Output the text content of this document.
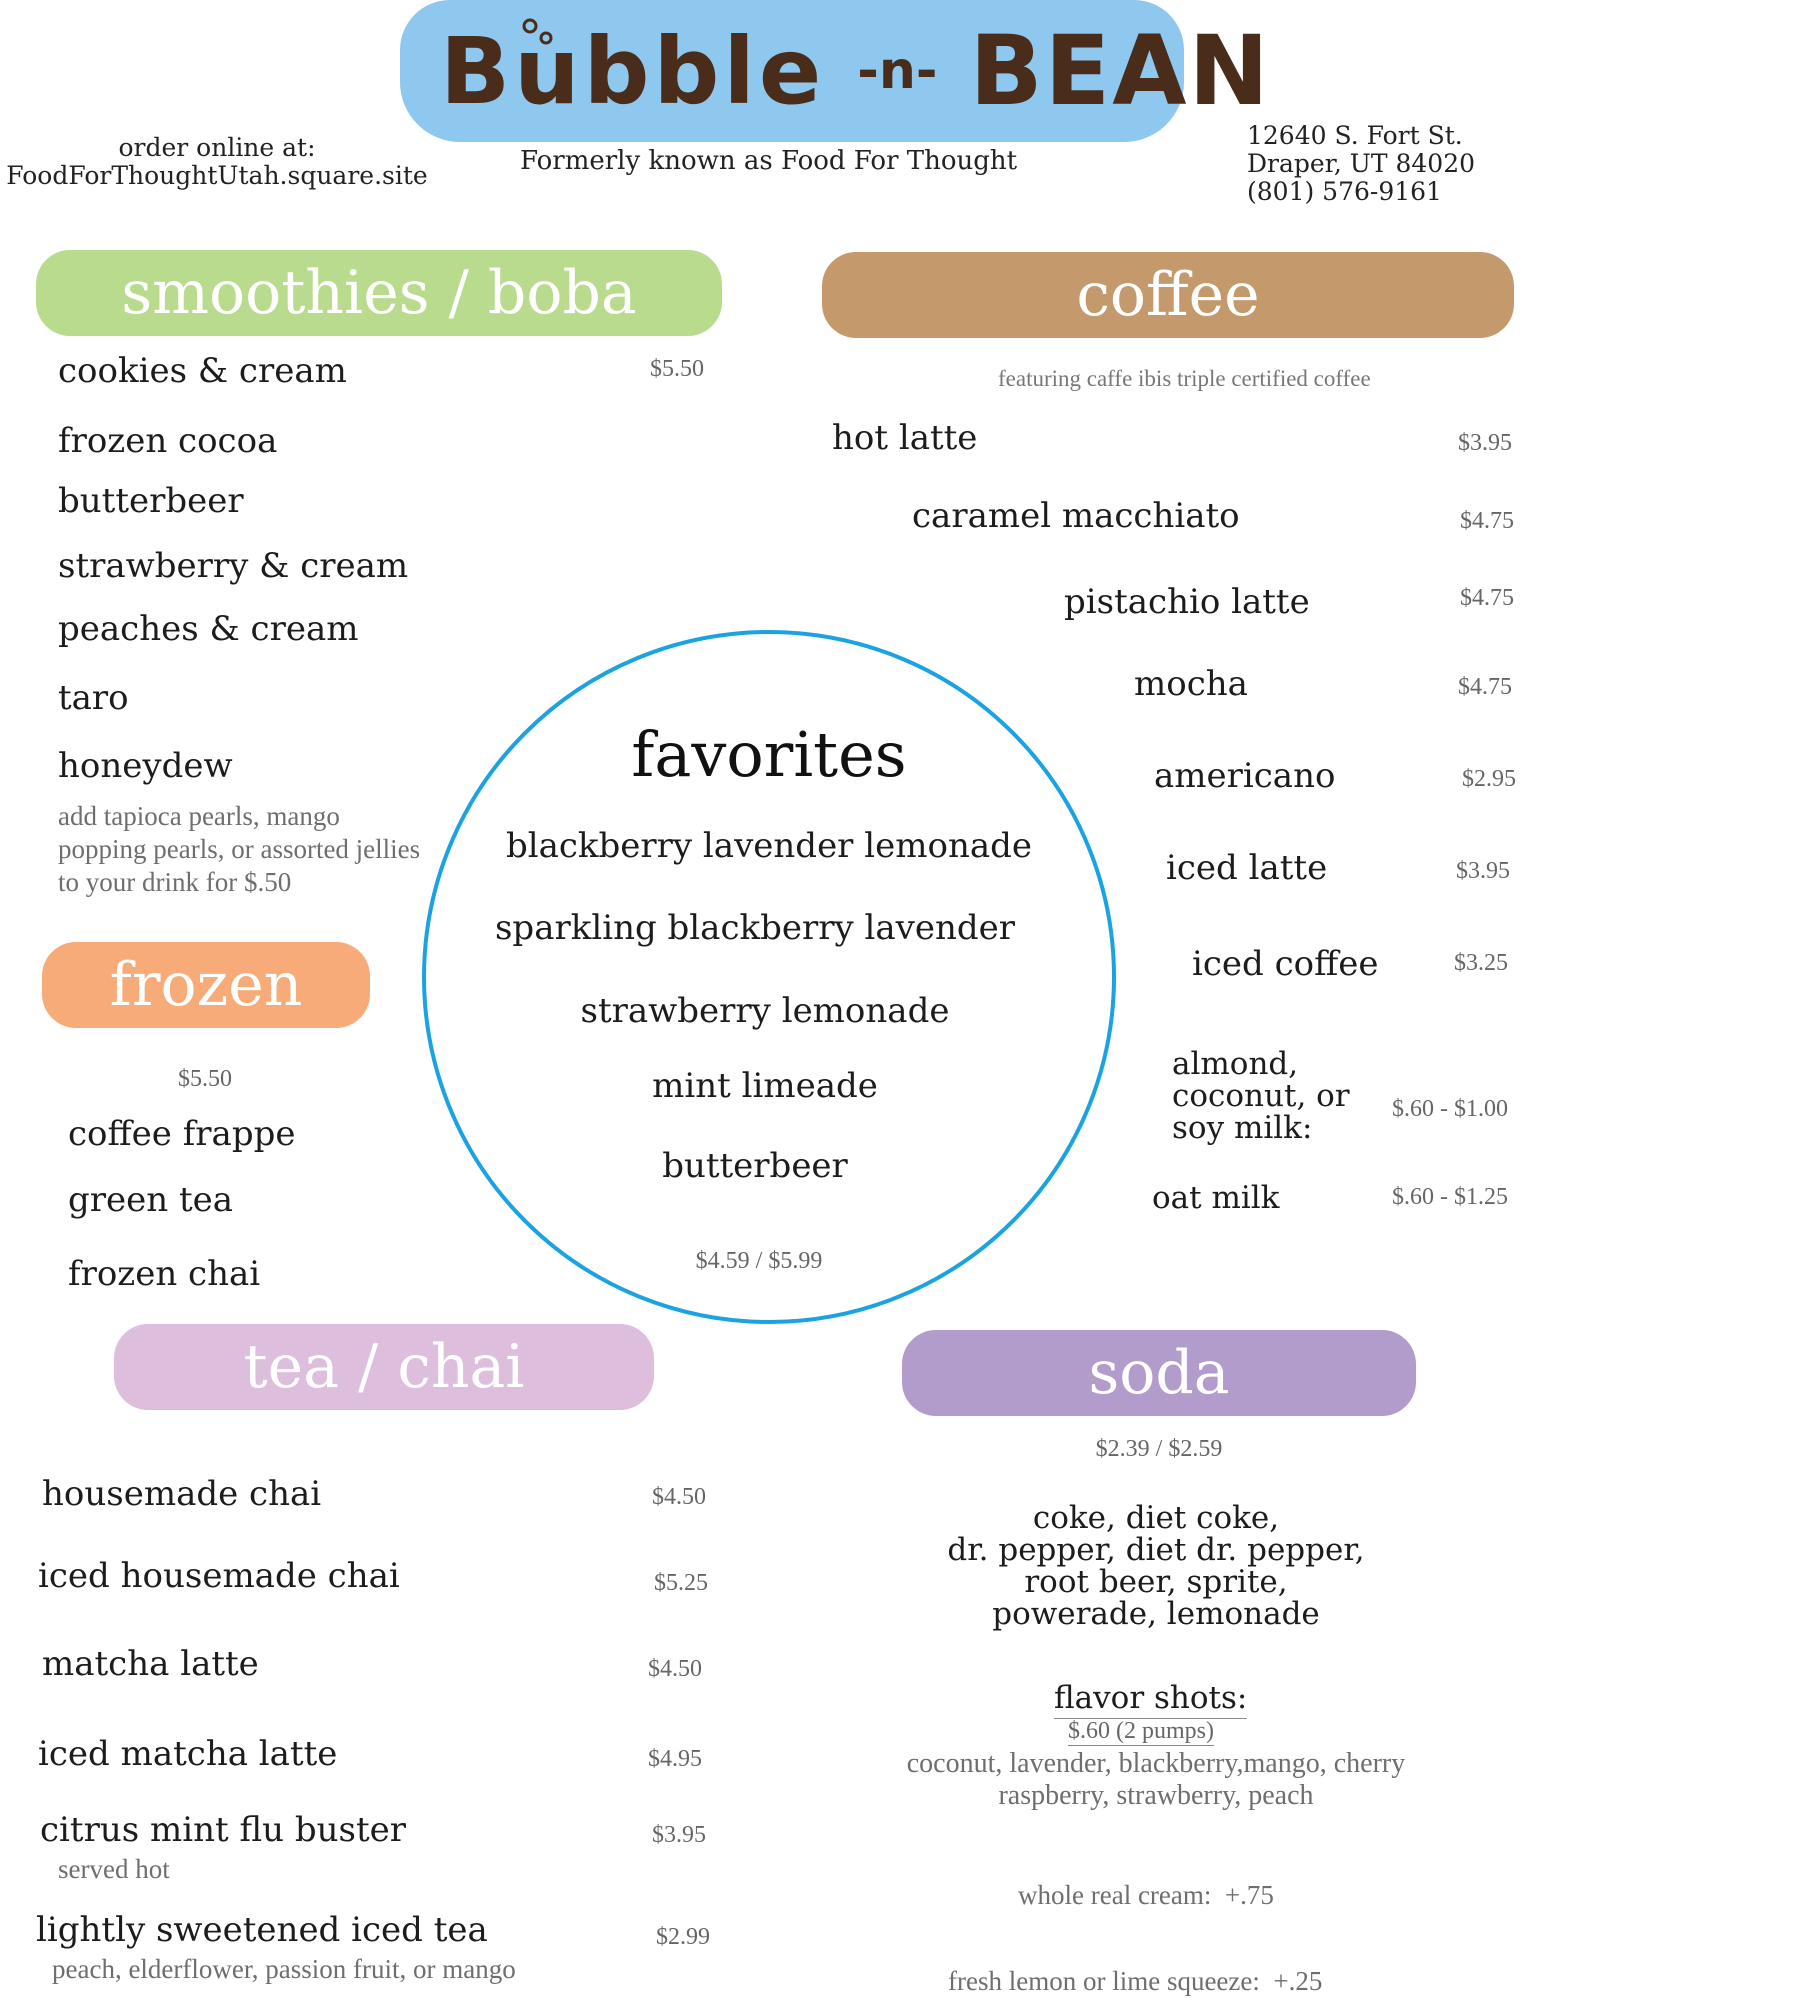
Bubble -n- BEAN
Formerly known as Food For Thought
order online at:
FoodForThoughtUtah.square.site
12640 S. Fort St.
Draper, UT 84020
(801) 576-9161
smoothies / boba
$5.50
cookies & cream
frozen cocoa
butterbeer
strawberry & cream
peaches & cream
taro
honeydew
add tapioca pearls, mango popping pearls, or assorted jellies to your drink for $.50
frozen
$5.50
coffee frappe
green tea
frozen chai
favorites
blackberry lavender lemonade
sparkling blackberry lavender
strawberry lemonade
mint limeade
butterbeer
$4.59 / $5.99
coffee
featuring caffe ibis triple certified coffee
hot latte	$3.95
caramel macchiato	$4.75
pistachio latte	$4.75
mocha	$4.75
americano	$2.95
iced latte	$3.95
iced coffee	$3.25
almond,
coconut, or
soy milk:
$.60 - $1.00
oat milk	$.60 - $1.25
tea / chai
housemade chai	$4.50
iced housemade chai	$5.25
matcha latte	$4.50
iced matcha latte	$4.95
citrus mint flu buster	$3.95
served hot
lightly sweetened iced tea	$2.99
peach, elderflower, passion fruit, or mango
soda
$2.39 / $2.59
coke, diet coke,
dr. pepper, diet dr. pepper,
root beer, sprite,
powerade, lemonade
flavor shots:
$.60 (2 pumps)
coconut, lavender, blackberry,mango, cherry
raspberry, strawberry, peach
whole real cream:  +.75
fresh lemon or lime squeeze:  +.25
